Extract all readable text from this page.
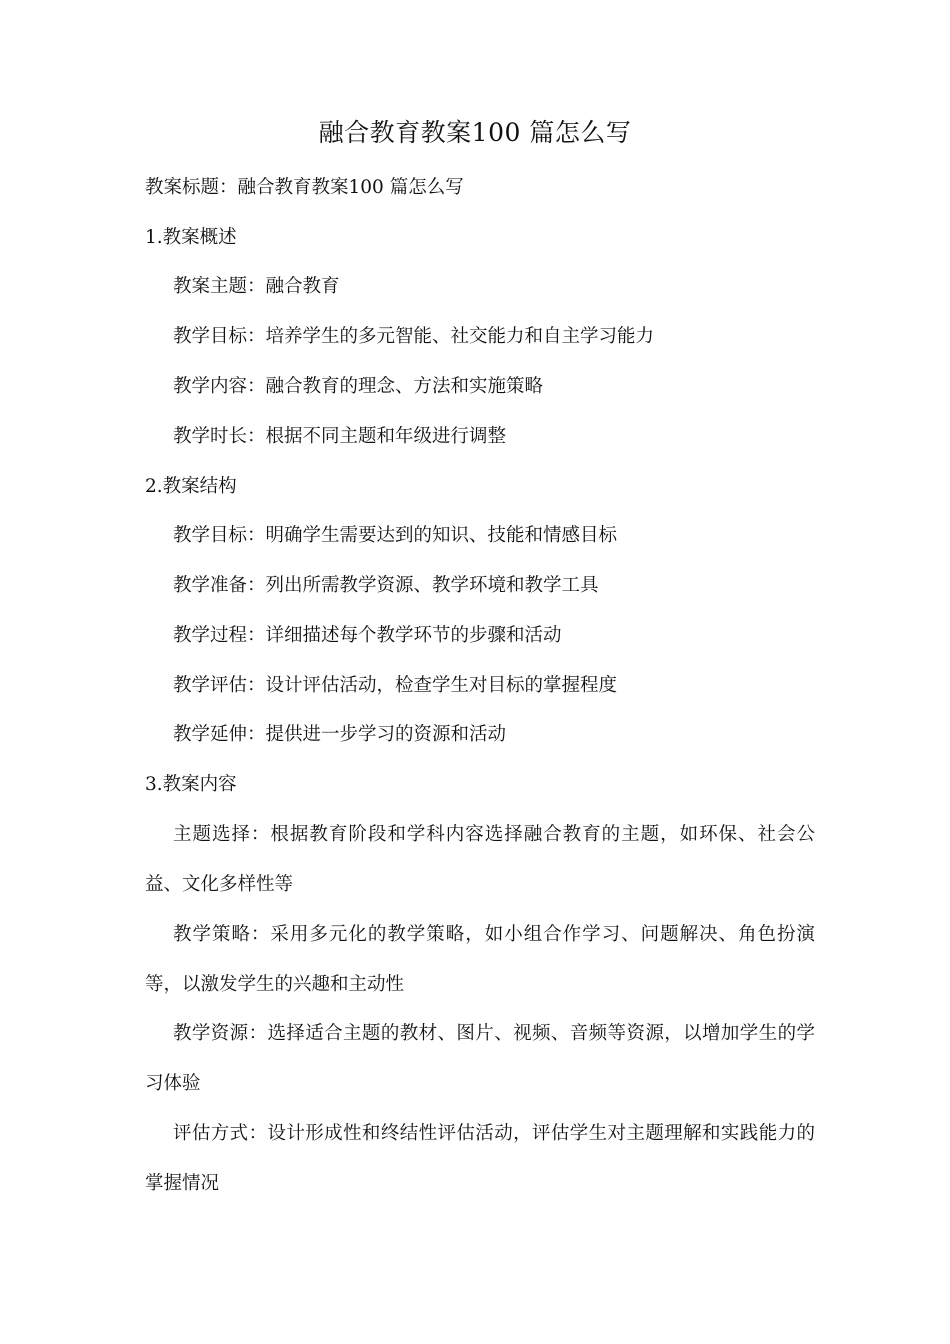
融合教育教案100 篇怎么写
教案标题：融合教育教案100 篇怎么写
1.教案概述
教案主题：融合教育
教学目标：培养学生的多元智能、社交能力和自主学习能力
教学内容：融合教育的理念、方法和实施策略
教学时长：根据不同主题和年级进行调整
2.教案结构
教学目标：明确学生需要达到的知识、技能和情感目标
教学准备：列出所需教学资源、教学环境和教学工具
教学过程：详细描述每个教学环节的步骤和活动
教学评估：设计评估活动，检查学生对目标的掌握程度
教学延伸：提供进一步学习的资源和活动
3.教案内容
主题选择：根据教育阶段和学科内容选择融合教育的主题，如环保、社会公益、文化多样性等
教学策略：采用多元化的教学策略，如小组合作学习、问题解决、角色扮演等，以激发学生的兴趣和主动性
教学资源：选择适合主题的教材、图片、视频、音频等资源，以增加学生的学习体验
评估方式：设计形成性和终结性评估活动，评估学生对主题理解和实践能力的掌握情况
